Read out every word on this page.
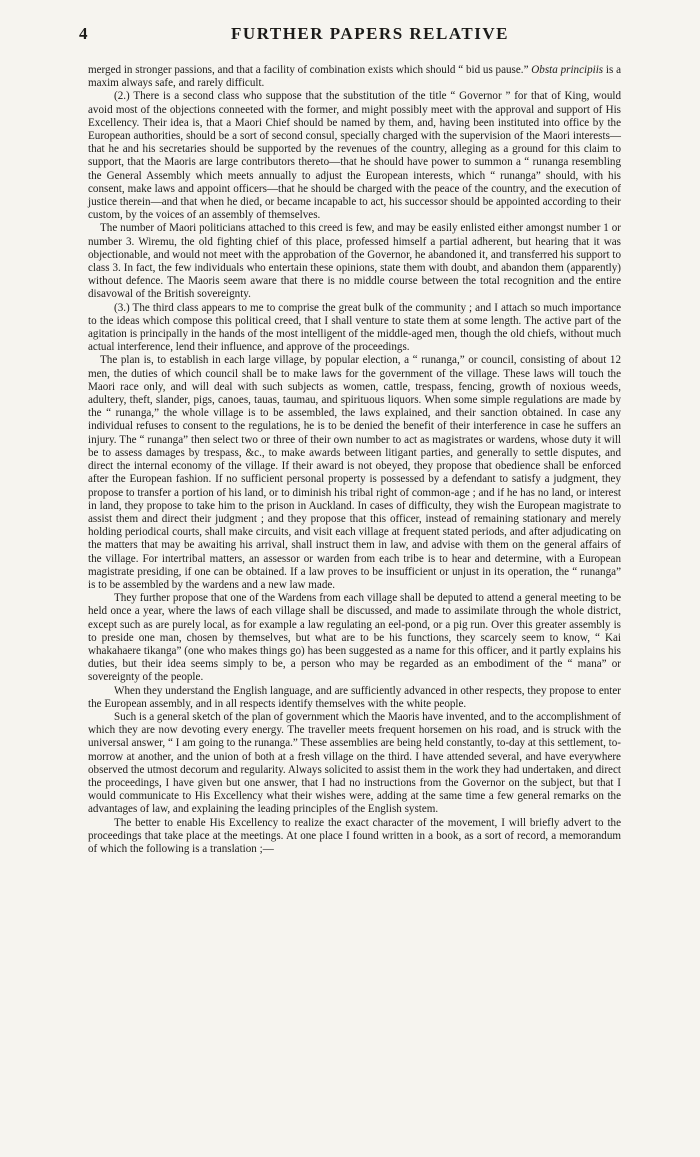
4	FURTHER PAPERS RELATIVE

merged in stronger passions, and that a facility of combination exists which should “ bid us pause.” Obsta principiis is a maxim always safe, and rarely difficult.

(2.) There is a second class who suppose that the substitution of the title “ Governor ” for that of King, would avoid most of the objections conneeted with the former, and might possibly meet with the approval and support of His Excellency. Their idea is, that a Maori Chief should be named by them, and, having been instituted into office by the European authorities, should be a sort of second consul, specially charged with the supervision of the Maori interests—that he and his secretaries should be supported by the revenues of the country, alleging as a ground for this claim to support, that the Maoris are large contributors thereto—that he should have power to summon a “ runanga resembling the General Assembly which meets annually to adjust the European interests, which “ runanga” should, with his consent, make laws and appoint officers—that he should be charged with the peace of the country, and the execution of justice therein—and that when he died, or became incapable to act, his successor should be appointed according to their custom, by the voices of an assembly of themselves.

The number of Maori politicians attached to this creed is few, and may be easily enlisted either amongst number 1 or number 3. Wiremu, the old fighting chief of this place, professed himself a partial adherent, but hearing that it was objectionable, and would not meet with the approbation of the Governor, he abandoned it, and transferred his support to class 3. In fact, the few individuals who entertain these opinions, state them with doubt, and abandon them (apparently) without defence. The Maoris seem aware that there is no middle course between the total recognition and the entire disavowal of the British sovereignty.

(3.) The third class appears to me to comprise the great bulk of the community ; and I attach so much importance to the ideas which compose this political creed, that I shall venture to state them at some length. The active part of the agitation is principally in the hands of the most intelligent of the middle-aged men, though the old chiefs, without much actual interference, lend their influence, and approve of the proceedings.

The plan is, to establish in each large village, by popular election, a “ runanga,” or council, consisting of about 12 men, the duties of which council shall be to make laws for the government of the village. These laws will touch the Maori race only, and will deal with such subjects as women, cattle, trespass, fencing, growth of noxious weeds, adultery, theft, slander, pigs, canoes, tauas, taumau, and spirituous liquors. When some simple regulations are made by the “ runanga,” the whole village is to be assembled, the laws explained, and their sanction obtained. In case any individual refuses to consent to the regulations, he is to be denied the benefit of their interference in case he suffers an injury. The “ runanga” then select two or three of their own number to act as magistrates or wardens, whose duty it will be to assess damages by trespass, &c., to make awards between litigant parties, and generally to settle disputes, and direct the internal economy of the village. If their award is not obeyed, they propose that obedience shall be enforced after the European fashion. If no sufficient personal property is possessed by a defendant to satisfy a judgment, they propose to transfer a portion of his land, or to diminish his tribal right of common-age ; and if he has no land, or interest in land, they propose to take him to the prison in Auckland. In cases of difficulty, they wish the European magistrate to assist them and direct their judgment ; and they propose that this officer, instead of remaining stationary and merely holding periodical courts, shall make circuits, and visit each village at frequent stated periods, and after adjudicating on the matters that may be awaiting his arrival, shall instruct them in law, and advise with them on the general affairs of the village. For intertribal matters, an assessor or warden from each tribe is to hear and determine, with a European magistrate presiding, if one can be obtained. If a law proves to be insufficient or unjust in its operation, the “ runanga” is to be assembled by the wardens and a new law made.

They further propose that one of the Wardens from each village shall be deputed to attend a general meeting to be held once a year, where the laws of each village shall be discussed, and made to assimilate through the whole district, except such as are purely local, as for example a law regulating an eel-pond, or a pig run. Over this greater assembly is to preside one man, chosen by themselves, but what are to be his functions, they scarcely seem to know, “ Kai whakahaere tikanga” (one who makes things go) has been suggested as a name for this officer, and it partly explains his duties, but their idea seems simply to be, a person who may be regarded as an embodiment of the “ mana” or sovereignty of the people.

When they understand the English language, and are sufficiently advanced in other respects, they propose to enter the European assembly, and in all respects identify themselves with the white people.

Such is a general sketch of the plan of government which the Maoris have invented, and to the accomplishment of which they are now devoting every energy. The traveller meets frequent horsemen on his road, and is struck with the universal answer, “ I am going to the runanga.” These assemblies are being held constantly, to-day at this settlement, to-morrow at another, and the union of both at a fresh village on the third. I have attended several, and have everywhere observed the utmost decorum and regularity. Always solicited to assist them in the work they had undertaken, and direct the proceedings, I have given but one answer, that I had no instructions from the Governor on the subject, but that I would communicate to His Excellency what their wishes were, adding at the same time a few general remarks on the advantages of law, and explaining the leading principles of the English system.

The better to enable His Excellency to realize the exact character of the movement, I will briefly advert to the proceedings that take place at the meetings. At one place I found written in a book, as a sort of record, a memorandum of which the following is a translation ;—
